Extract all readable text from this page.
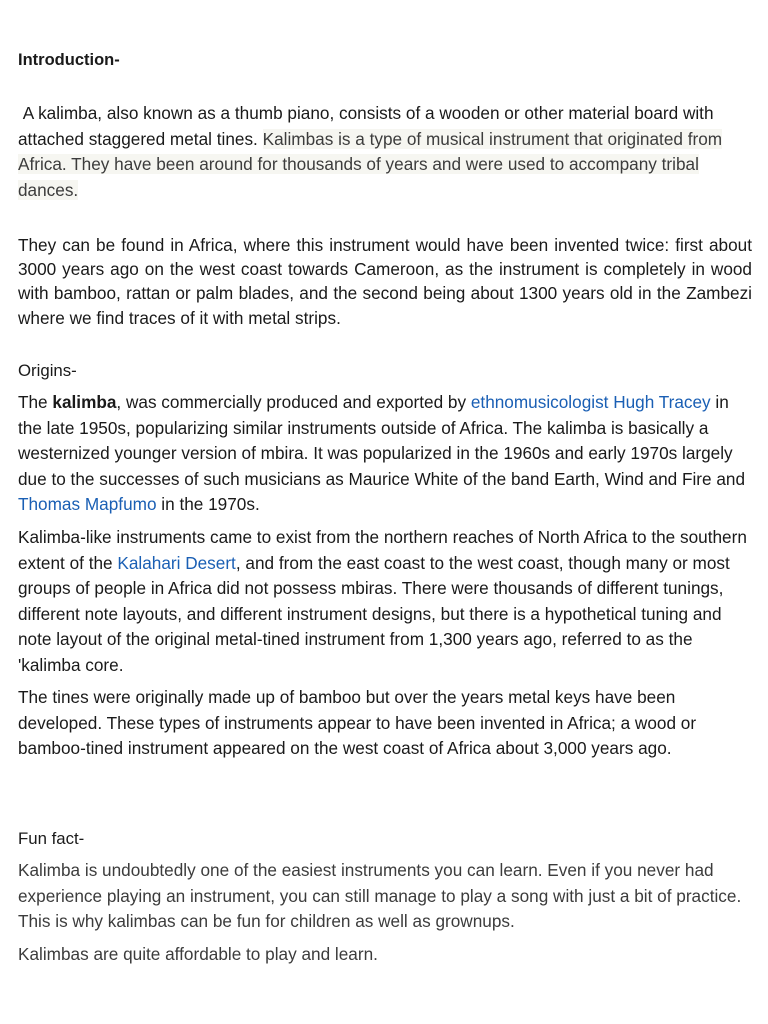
Introduction-

A kalimba, also known as a thumb piano, consists of a wooden or other material board with attached staggered metal tines. Kalimbas is a type of musical instrument that originated from Africa. They have been around for thousands of years and were used to accompany tribal dances.

They can be found in Africa, where this instrument would have been invented twice: first about 3000 years ago on the west coast towards Cameroon, as the instrument is completely in wood with bamboo, rattan or palm blades, and the second being about 1300 years old in the Zambezi where we find traces of it with metal strips.

Origins-

The kalimba, was commercially produced and exported by ethnomusicologist Hugh Tracey in the late 1950s, popularizing similar instruments outside of Africa. The kalimba is basically a westernized younger version of mbira. It was popularized in the 1960s and early 1970s largely due to the successes of such musicians as Maurice White of the band Earth, Wind and Fire and Thomas Mapfumo in the 1970s.

Kalimba-like instruments came to exist from the northern reaches of North Africa to the southern extent of the Kalahari Desert, and from the east coast to the west coast, though many or most groups of people in Africa did not possess mbiras. There were thousands of different tunings, different note layouts, and different instrument designs, but there is a hypothetical tuning and note layout of the original metal-tined instrument from 1,300 years ago, referred to as the 'kalimba core.

The tines were originally made up of bamboo but over the years metal keys have been developed. These types of instruments appear to have been invented in Africa; a wood or bamboo-tined instrument appeared on the west coast of Africa about 3,000 years ago.

Fun fact-

Kalimba is undoubtedly one of the easiest instruments you can learn. Even if you never had experience playing an instrument, you can still manage to play a song with just a bit of practice. This is why kalimbas can be fun for children as well as grownups.

Kalimbas are quite affordable to play and learn.
